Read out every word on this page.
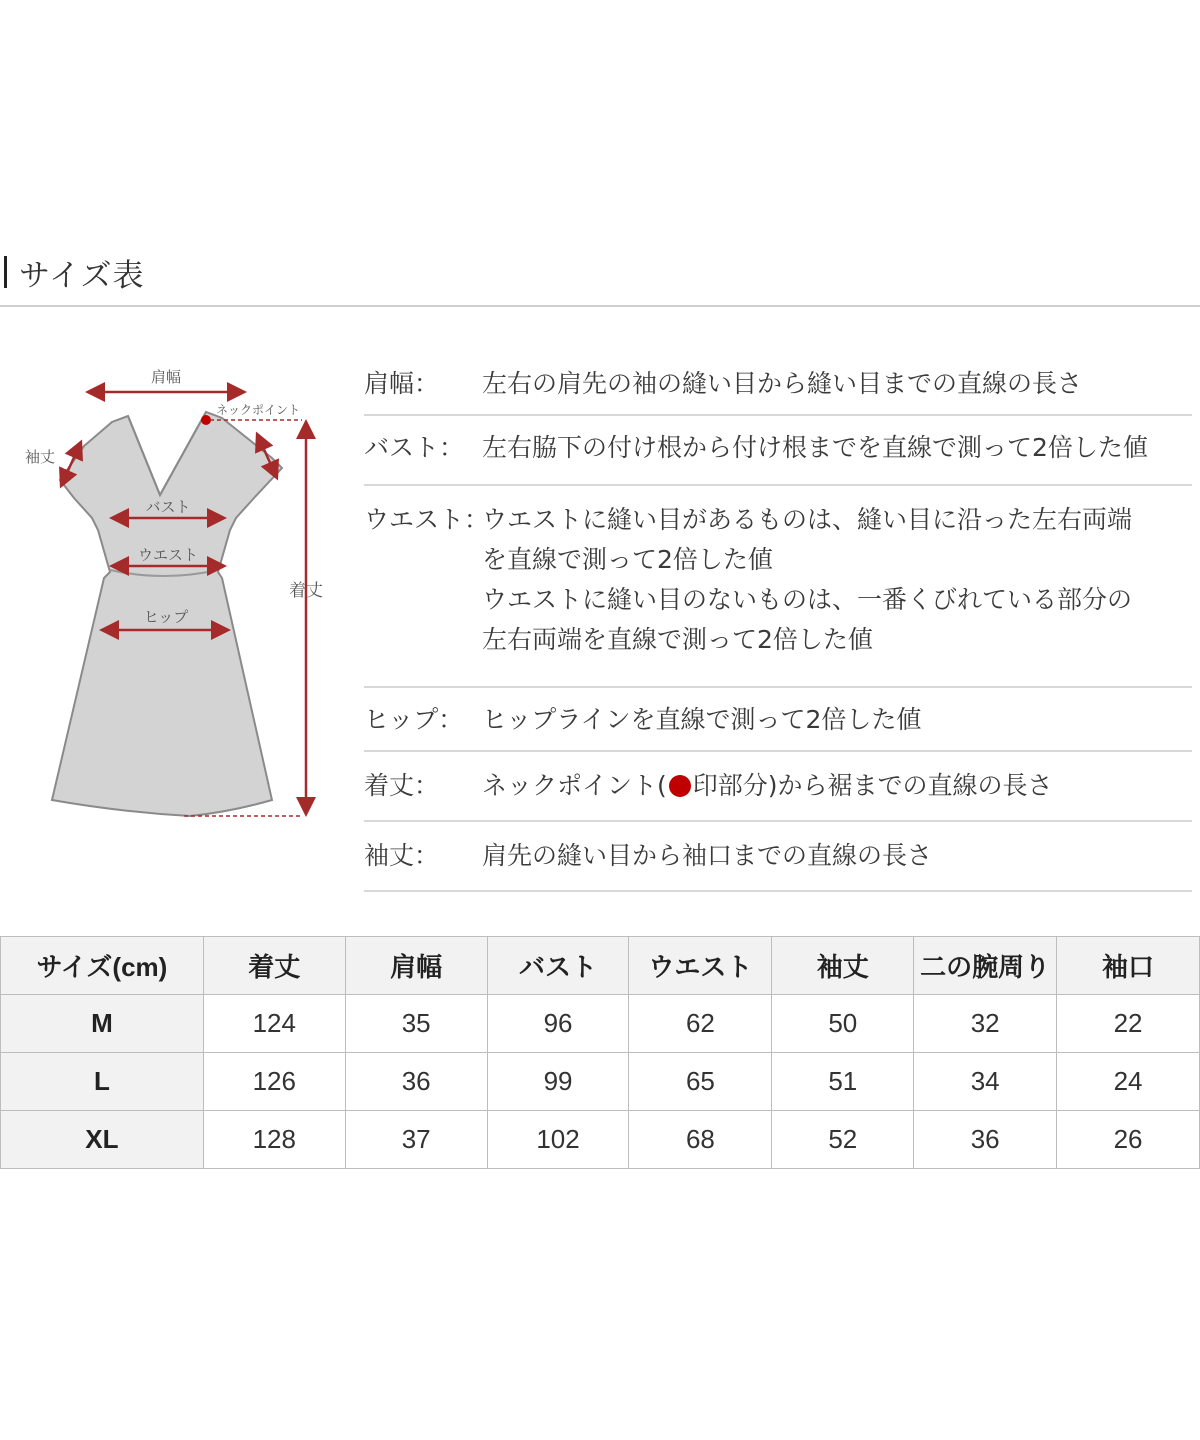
サイズ表
肩幅
ネックポイント
袖丈
バスト
ウエスト
ヒップ
着丈
肩幅：	左右の肩先の袖の縫い目から縫い目までの直線の長さ
バスト： 左右脇下の付け根から付け根までを直線で測って2倍した値
ウエスト：
ウエストに縫い目があるものは、縫い目に沿った左右両端
を直線で測って2倍した値
ウエストに縫い目のないものは、一番くびれている部分の
左右両端を直線で測って2倍した値
ヒップ： ヒップラインを直線で測って2倍した値
着丈：	ネックポイント( 印部分)から裾までの直線の長さ
袖丈：	肩先の縫い目から袖口までの直線の長さ
サイズ(cm)	着丈	肩幅	バスト	ウエスト	袖丈	二の腕周り	袖口
M	124	35	96	62	50	32	22
L	126	36	99	65	51	34	24
XL	128	37	102	68	52	36	26
